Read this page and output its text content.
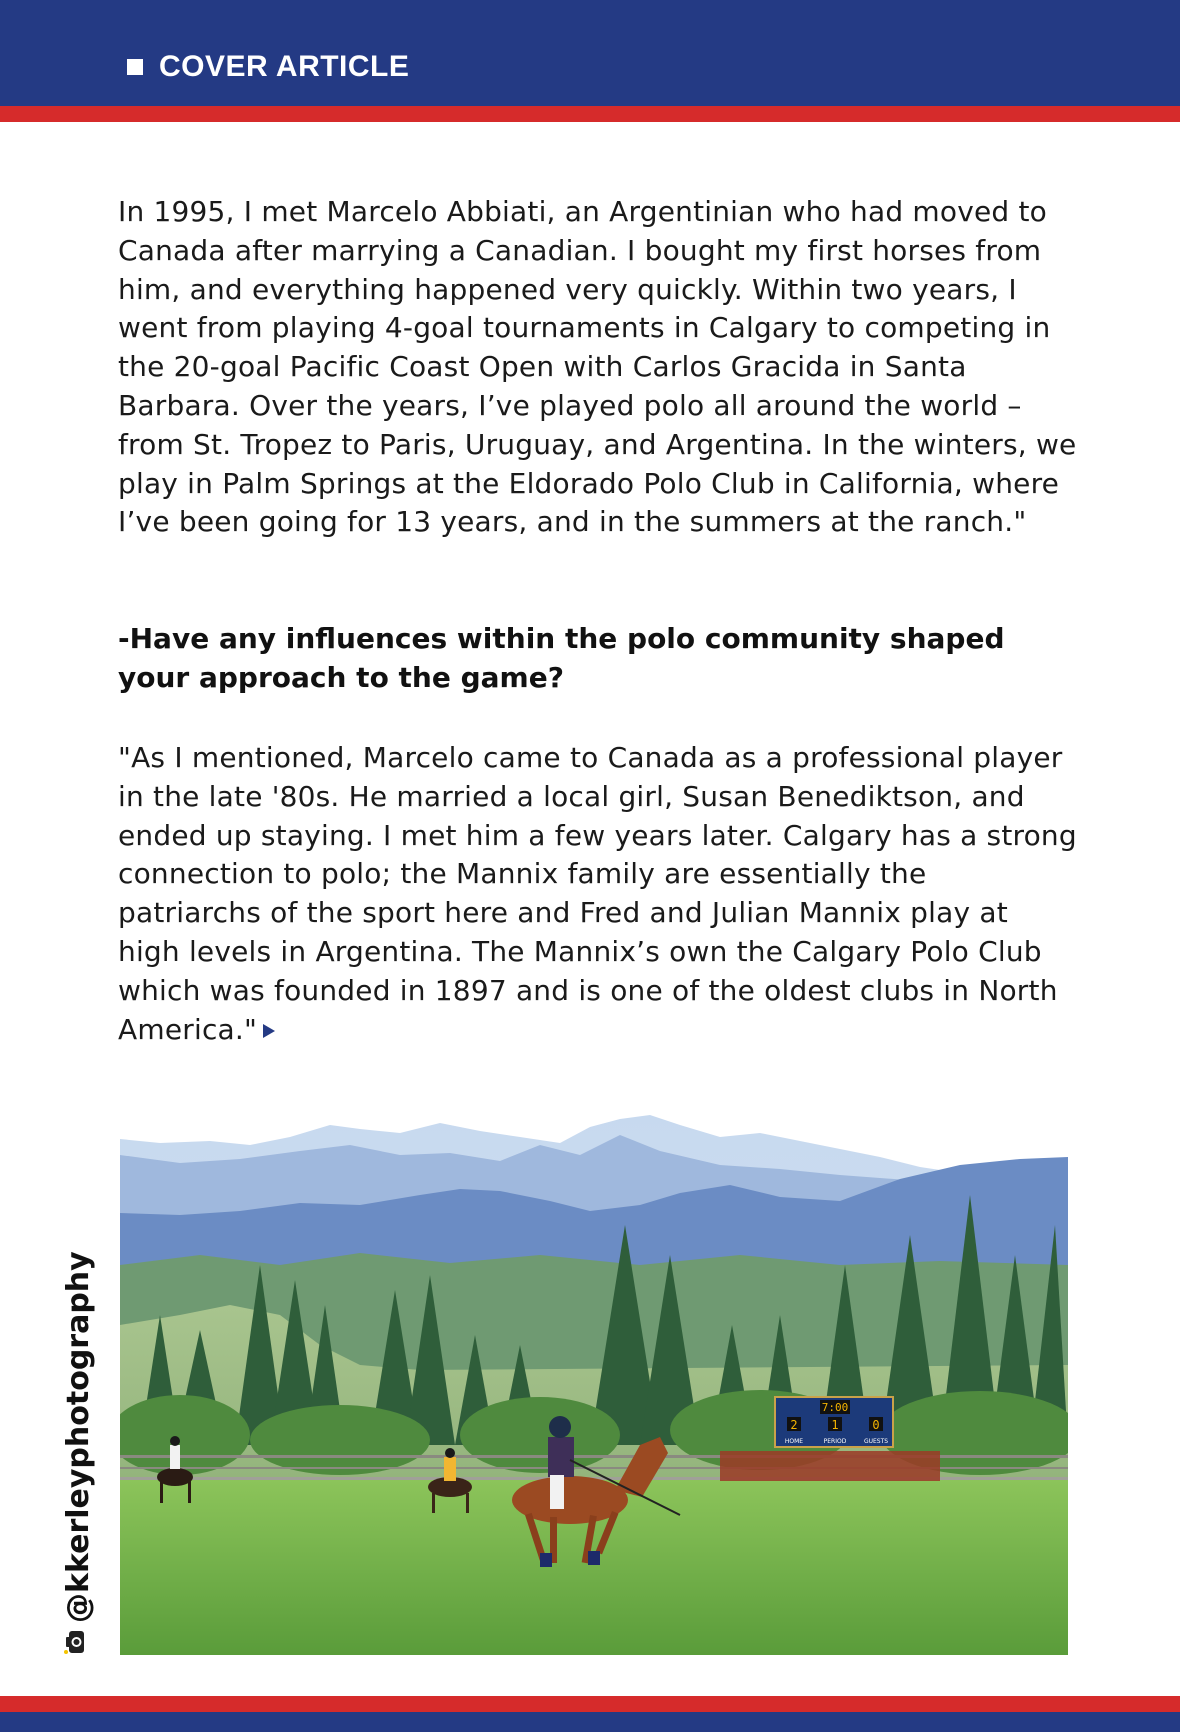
COVER ARTICLE

In 1995, I met Marcelo Abbiati, an Argentinian who had moved to Canada after marrying a Canadian. I bought my first horses from him, and everything happened very quickly. Within two years, I went from playing 4-goal tournaments in Calgary to competing in the 20-goal Pacific Coast Open with Carlos Gracida in Santa Barbara. Over the years, I’ve played polo all around the world – from St. Tropez to Paris, Uruguay, and Argentina. In the winters, we play in Palm Springs at the Eldorado Polo Club in California, where I’ve been going for 13 years, and in the summers at the ranch."

-Have any influences within the polo community shaped your approach to the game?

"As I mentioned, Marcelo came to Canada as a professional player in the late '80s. He married a local girl, Susan Benediktson, and ended up staying. I met him a few years later. Calgary has a strong connection to polo; the Mannix family are essentially the patriarchs of the sport here and Fred and Julian Mannix play at high levels in Argentina. The Mannix’s own the Calgary Polo Club which was founded in 1897 and is one of the oldest clubs in North America."

7:00
2	1	0
HOME	PERIOD	GUESTS
@kkerleyphotography
